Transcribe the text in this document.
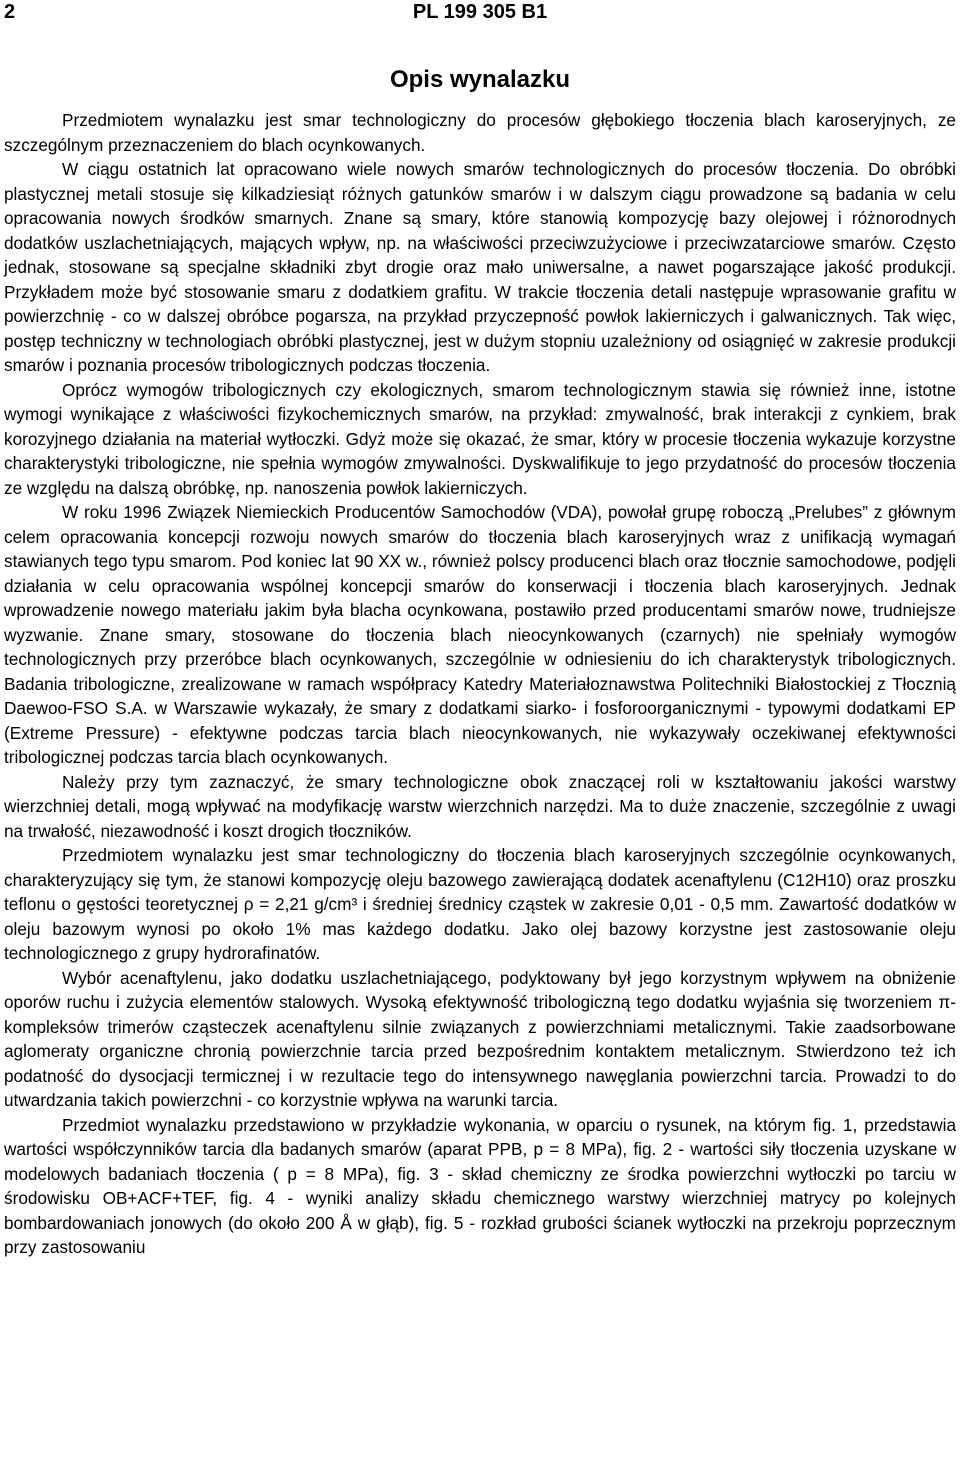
2	PL 199 305 B1
Opis wynalazku

Przedmiotem wynalazku jest smar technologiczny do procesów głębokiego tłoczenia blach karoseryjnych, ze szczególnym przeznaczeniem do blach ocynkowanych.

W ciągu ostatnich lat opracowano wiele nowych smarów technologicznych do procesów tłoczenia. Do obróbki plastycznej metali stosuje się kilkadziesiąt różnych gatunków smarów i w dalszym ciągu prowadzone są badania w celu opracowania nowych środków smarnych. Znane są smary, które stanowią kompozycję bazy olejowej i różnorodnych dodatków uszlachetniających, mających wpływ, np. na właściwości przeciwzużyciowe i przeciwzatarciowe smarów. Często jednak, stosowane są specjalne składniki zbyt drogie oraz mało uniwersalne, a nawet pogarszające jakość produkcji. Przykładem może być stosowanie smaru z dodatkiem grafitu. W trakcie tłoczenia detali następuje wprasowanie grafitu w powierzchnię - co w dalszej obróbce pogarsza, na przykład przyczepność powłok lakierniczych i galwanicznych. Tak więc, postęp techniczny w technologiach obróbki plastycznej, jest w dużym stopniu uzależniony od osiągnięć w zakresie produkcji smarów i poznania procesów tribologicznych podczas tłoczenia.

Oprócz wymogów tribologicznych czy ekologicznych, smarom technologicznym stawia się również inne, istotne wymogi wynikające z właściwości fizykochemicznych smarów, na przykład: zmywalność, brak interakcji z cynkiem, brak korozyjnego działania na materiał wytłoczki. Gdyż może się okazać, że smar, który w procesie tłoczenia wykazuje korzystne charakterystyki tribologiczne, nie spełnia wymogów zmywalności. Dyskwalifikuje to jego przydatność do procesów tłoczenia ze względu na dalszą obróbkę, np. nanoszenia powłok lakierniczych.

W roku 1996 Związek Niemieckich Producentów Samochodów (VDA), powołał grupę roboczą „Prelubes” z głównym celem opracowania koncepcji rozwoju nowych smarów do tłoczenia blach karoseryjnych wraz z unifikacją wymagań stawianych tego typu smarom. Pod koniec lat 90 XX w., również polscy producenci blach oraz tłocznie samochodowe, podjęli działania w celu opracowania wspólnej koncepcji smarów do konserwacji i tłoczenia blach karoseryjnych. Jednak wprowadzenie nowego materiału jakim była blacha ocynkowana, postawiło przed producentami smarów nowe, trudniejsze wyzwanie. Znane smary, stosowane do tłoczenia blach nieocynkowanych (czarnych) nie spełniały wymogów technologicznych przy przeróbce blach ocynkowanych, szczególnie w odniesieniu do ich charakterystyk tribologicznych. Badania tribologiczne, zrealizowane w ramach współpracy Katedry Materiałoznawstwa Politechniki Białostockiej z Tłocznią Daewoo-FSO S.A. w Warszawie wykazały, że smary z dodatkami siarko- i fosforoorganicznymi - typowymi dodatkami EP (Extreme Pressure) - efektywne podczas tarcia blach nieocynkowanych, nie wykazywały oczekiwanej efektywności tribologicznej podczas tarcia blach ocynkowanych.

Należy przy tym zaznaczyć, że smary technologiczne obok znaczącej roli w kształtowaniu jakości warstwy wierzchniej detali, mogą wpływać na modyfikację warstw wierzchnich narzędzi. Ma to duże znaczenie, szczególnie z uwagi na trwałość, niezawodność i koszt drogich tłoczników.

Przedmiotem wynalazku jest smar technologiczny do tłoczenia blach karoseryjnych szczególnie ocynkowanych, charakteryzujący się tym, że stanowi kompozycję oleju bazowego zawierającą dodatek acenaftylenu (C12H10) oraz proszku teflonu o gęstości teoretycznej ρ = 2,21 g/cm³ i średniej średnicy cząstek w zakresie 0,01 - 0,5 mm. Zawartość dodatków w oleju bazowym wynosi po około 1% mas każdego dodatku. Jako olej bazowy korzystne jest zastosowanie oleju technologicznego z grupy hydrorafinatów.

Wybór acenaftylenu, jako dodatku uszlachetniającego, podyktowany był jego korzystnym wpływem na obniżenie oporów ruchu i zużycia elementów stalowych. Wysoką efektywność tribologiczną tego dodatku wyjaśnia się tworzeniem π-kompleksów trimerów cząsteczek acenaftylenu silnie związanych z powierzchniami metalicznymi. Takie zaadsorbowane aglomeraty organiczne chronią powierzchnie tarcia przed bezpośrednim kontaktem metalicznym. Stwierdzono też ich podatność do dysocjacji termicznej i w rezultacie tego do intensywnego nawęglania powierzchni tarcia. Prowadzi to do utwardzania takich powierzchni - co korzystnie wpływa na warunki tarcia.

Przedmiot wynalazku przedstawiono w przykładzie wykonania, w oparciu o rysunek, na którym fig. 1, przedstawia wartości współczynników tarcia dla badanych smarów (aparat PPB, p = 8 MPa), fig. 2 - wartości siły tłoczenia uzyskane w modelowych badaniach tłoczenia ( p = 8 MPa), fig. 3 - skład chemiczny ze środka powierzchni wytłoczki po tarciu w środowisku OB+ACF+TEF, fig. 4 - wyniki analizy składu chemicznego warstwy wierzchniej matrycy po kolejnych bombardowaniach jonowych (do około 200 Å w głąb), fig. 5 - rozkład grubości ścianek wytłoczki na przekroju poprzecznym przy zastosowaniu
